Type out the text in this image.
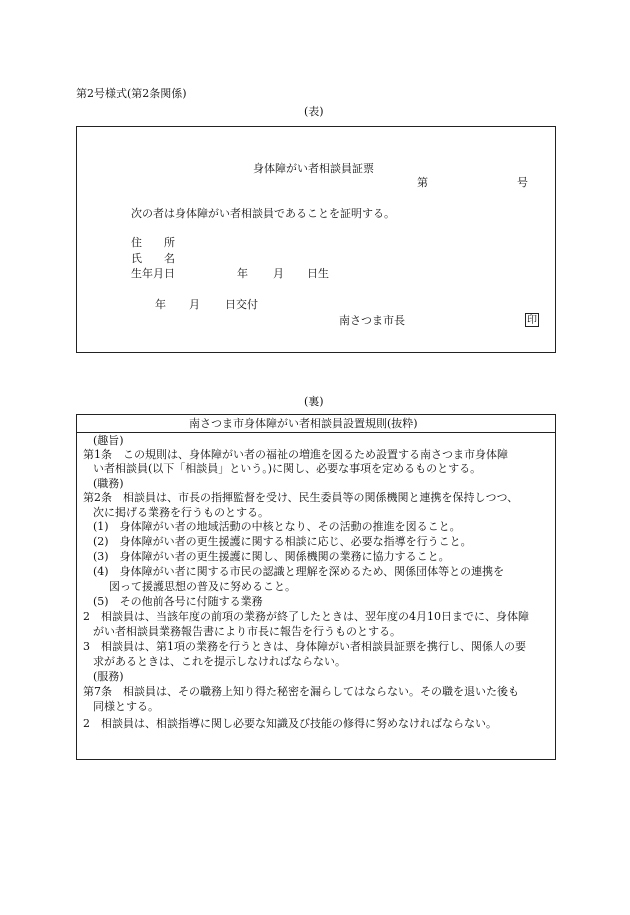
第2号様式(第2条関係)
(表)
身体障がい者相談員証票
第	号
次の者は身体障がい者相談員であることを証明する。
住　　所
氏　　名
生年月日	年 月 日生
年 月 日交付
南さつま市長	印
(裏)
南さつま市身体障がい者相談員設置規則(抜粋)
(趣旨)
第1条　この規則は、身体障がい者の福祉の増進を図るため設置する南さつま市身体障
い者相談員(以下「相談員」という。)に関し、必要な事項を定めるものとする。
(職務)
第2条　相談員は、市長の指揮監督を受け、民生委員等の関係機関と連携を保持しつつ、
次に掲げる業務を行うものとする。
(1)　身体障がい者の地域活動の中核となり、その活動の推進を図ること。
(2)　身体障がい者の更生援護に関する相談に応じ、必要な指導を行うこと。
(3)　身体障がい者の更生援護に関し、関係機関の業務に協力すること。
(4)　身体障がい者に関する市民の認識と理解を深めるため、関係団体等との連携を
図って援護思想の普及に努めること。
(5)　その他前各号に付随する業務
2　相談員は、当該年度の前項の業務が終了したときは、翌年度の4月10日までに、身体障
がい者相談員業務報告書により市長に報告を行うものとする。
3　相談員は、第1項の業務を行うときは、身体障がい者相談員証票を携行し、関係人の要
求があるときは、これを提示しなければならない。
(服務)
第7条　相談員は、その職務上知り得た秘密を漏らしてはならない。その職を退いた後も
同様とする。
2　相談員は、相談指導に関し必要な知識及び技能の修得に努めなければならない。
